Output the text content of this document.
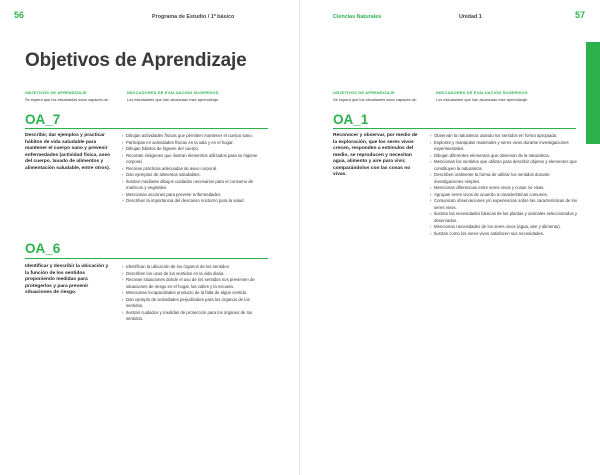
56	Programa de Estudio / 1º básico
Objetivos de Aprendizaje
OBJETIVOS DE APRENDIZAJE
Se espera que los estudiantes sean capaces de:
INDICADORES DE EVALUACIÓN SUGERIDOS
Los estudiantes que han alcanzado este aprendizaje:
OA_7
Describir, dar ejemplos y practicar hábitos de vida saludable para mantener el cuerpo sano y prevenir enfermedades (actividad física, aseo del cuerpo, lavado de alimentos y alimentación saludable, entre otros).
› Dibujan actividades físicas que permiten mantener el cuerpo sano.
› Participan en actividades físicas en la sala y en el hogar.
› Dibujan hábitos de higiene del cuerpo.
› Recortan imágenes que ilustran elementos utilizados para su higiene corporal.
› Recrean prácticas adecuadas de aseo corporal.
› Dan ejemplos de alimentos saludables.
› Ilustran mediante dibujos cuidados necesarios para el consumo de mariscos y vegetales.
› Mencionan acciones para prevenir enfermedades.
› Describen la importancia del descanso nocturno para la salud.
OA_6
Identificar y describir la ubicación y la función de los sentidos proponiendo medidas para protegerlos y para prevenir situaciones de riesgo.
› Identifican la ubicación de los órganos de los sentidos.
› Describen los usos de los sentidos en la vida diaria.
› Recrean situaciones donde el uso de los sentidos nos previenen de situaciones de riesgo en el hogar, las calles y la escuela.
› Mencionan incapacidades producto de la falta de algún sentido.
› Dan ejemplo de actividades perjudiciales para los órganos de los sentidos.
› Ilustran cuidados y medidas de protección para los órganos de los sentidos.
Ciencias Naturales	Unidad 1	57
OBJETIVOS DE APRENDIZAJE
Se espera que los estudiantes sean capaces de:
INDICADORES DE EVALUACIÓN SUGERIDOS
Los estudiantes que han alcanzado este aprendizaje:
OA_1
Reconocer y observar, por medio de la exploración, que los seres vivos crecen, responden a estímulos del medio, se reproducen y necesitan agua, alimento y aire para vivir, comparándolos con las cosas no vivas.
› Observan la naturaleza usando los sentidos en forma apropiada.
› Exploran y manipulan materiales y seres vivos durante investigaciones experimentales.
› Dibujan diferentes elementos que observan de la naturaleza.
› Mencionan los sentidos que utilizan para describir objetos y elementos que constituyen la naturaleza.
› Describen oralmente la forma de utilizar los sentidos durante investigaciones simples.
› Mencionan diferencias entre seres vivos y cosas no vivas.
› Agrupan seres vivos de acuerdo a características comunes.
› Comunican observaciones y/o experiencias sobre las características de los seres vivos.
› Ilustran las necesidades básicas de las plantas y animales seleccionados y observados.
› Mencionan necesidades de los seres vivos (agua, aire y alimento).
› Ilustran como los seres vivos satisfacen sus necesidades.
